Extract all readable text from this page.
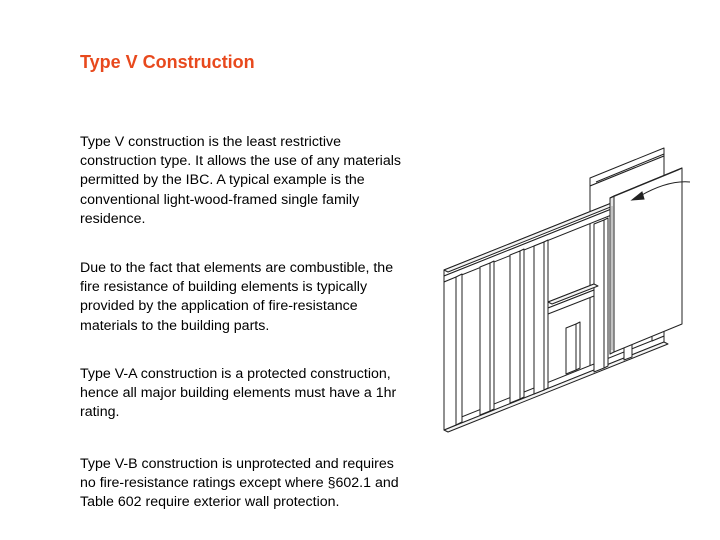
Type V Construction
Type V construction is the least restrictive construction type. It allows the use of any materials permitted by the IBC. A typical example is the conventional light-wood-framed single family residence.
Due to the fact that elements are combustible, the fire resistance of building elements is typically provided by the application of fire-resistance materials to the building parts.
Type V-A construction is a protected construction, hence all major building elements must have a 1hr rating.
Type V-B construction is unprotected and requires no fire-resistance ratings except where §602.1 and Table 602 require exterior wall protection.
